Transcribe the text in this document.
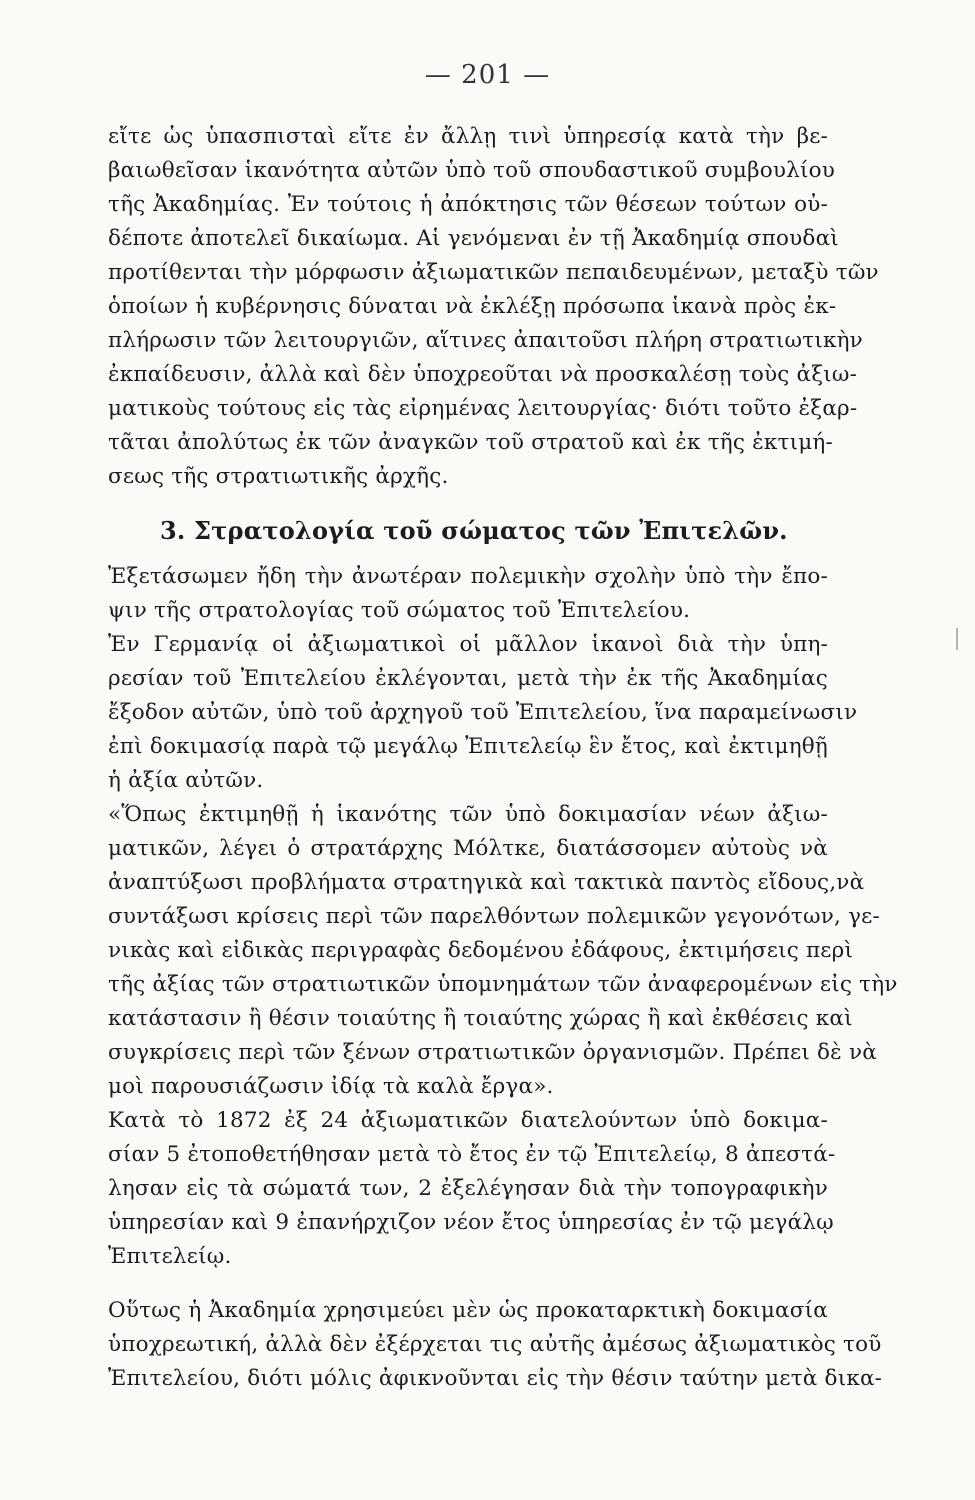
— 201 —
εἴτε ὡς ὑπασπισταὶ εἴτε ἐν ἄλλῃ τινὶ ὑπηρεσίᾳ κατὰ τὴν βε-
βαιωθεῖσαν ἱκανότητα αὐτῶν ὑπὸ τοῦ σπουδαστικοῦ συμβουλίου
τῆς Ἀκαδημίας. Ἐν τούτοις ἡ ἀπόκτησις τῶν θέσεων τούτων οὐ-
δέποτε ἀποτελεῖ δικαίωμα. Αἱ γενόμεναι ἐν τῇ Ἀκαδημίᾳ σπουδαὶ
προτίθενται τὴν μόρφωσιν ἀξιωματικῶν πεπαιδευμένων, μεταξὺ τῶν
ὁποίων ἡ κυβέρνησις δύναται νὰ ἐκλέξῃ πρόσωπα ἱκανὰ πρὸς ἐκ-
πλήρωσιν τῶν λειτουργιῶν, αἵτινες ἀπαιτοῦσι πλήρη στρατιωτικὴν
ἐκπαίδευσιν, ἀλλὰ καὶ δὲν ὑποχρεοῦται νὰ προσκαλέσῃ τοὺς ἀξιω-
ματικοὺς τούτους εἰς τὰς εἰρημένας λειτουργίας· διότι τοῦτο ἐξαρ-
τᾶται ἀπολύτως ἐκ τῶν ἀναγκῶν τοῦ στρατοῦ καὶ ἐκ τῆς ἐκτιμή-
σεως τῆς στρατιωτικῆς ἀρχῆς.
3. Στρατολογία τοῦ σώματος τῶν Ἐπιτελῶν.
Ἐξετάσωμεν ἤδη τὴν ἀνωτέραν πολεμικὴν σχολὴν ὑπὸ τὴν ἔπο-
ψιν τῆς στρατολογίας τοῦ σώματος τοῦ Ἐπιτελείου.
Ἐν Γερμανίᾳ οἱ ἀξιωματικοὶ οἱ μᾶλλον ἱκανοὶ διὰ τὴν ὑπη-
ρεσίαν τοῦ Ἐπιτελείου ἐκλέγονται, μετὰ τὴν ἐκ τῆς Ἀκαδημίας
ἔξοδον αὐτῶν, ὑπὸ τοῦ ἀρχηγοῦ τοῦ Ἐπιτελείου, ἵνα παραμείνωσιν
ἐπὶ δοκιμασίᾳ παρὰ τῷ μεγάλῳ Ἐπιτελείῳ ἓν ἔτος, καὶ ἐκτιμηθῇ
ἡ ἀξία αὐτῶν.
«Ὅπως ἐκτιμηθῇ ἡ ἱκανότης τῶν ὑπὸ δοκιμασίαν νέων ἀξιω-
ματικῶν, λέγει ὁ στρατάρχης Μόλτκε, διατάσσομεν αὐτοὺς νὰ
ἀναπτύξωσι προβλήματα στρατηγικὰ καὶ τακτικὰ παντὸς εἴδους,νὰ
συντάξωσι κρίσεις περὶ τῶν παρελθόντων πολεμικῶν γεγονότων, γε-
νικὰς καὶ εἰδικὰς περιγραφὰς δεδομένου ἐδάφους, ἐκτιμήσεις περὶ
τῆς ἀξίας τῶν στρατιωτικῶν ὑπομνημάτων τῶν ἀναφερομένων εἰς τὴν
κατάστασιν ἢ θέσιν τοιαύτης ἢ τοιαύτης χώρας ἢ καὶ ἐκθέσεις καὶ
συγκρίσεις περὶ τῶν ξένων στρατιωτικῶν ὀργανισμῶν. Πρέπει δὲ νὰ
μοὶ παρουσιάζωσιν ἰδίᾳ τὰ καλὰ ἔργα».
Κατὰ τὸ 1872 ἐξ 24 ἀξιωματικῶν διατελούντων ὑπὸ δοκιμα-
σίαν 5 ἐτοποθετήθησαν μετὰ τὸ ἔτος ἐν τῷ Ἐπιτελείῳ, 8 ἀπεστά-
λησαν εἰς τὰ σώματά των, 2 ἐξελέγησαν διὰ τὴν τοπογραφικὴν
ὑπηρεσίαν καὶ 9 ἐπανήρχιζον νέον ἔτος ὑπηρεσίας ἐν τῷ μεγάλῳ
Ἐπιτελείῳ.
Οὕτως ἡ Ἀκαδημία χρησιμεύει μὲν ὡς προκαταρκτικὴ δοκιμασία
ὑποχρεωτική, ἀλλὰ δὲν ἐξέρχεται τις αὐτῆς ἀμέσως ἀξιωματικὸς τοῦ
Ἐπιτελείου, διότι μόλις ἀφικνοῦνται εἰς τὴν θέσιν ταύτην μετὰ δικα-
